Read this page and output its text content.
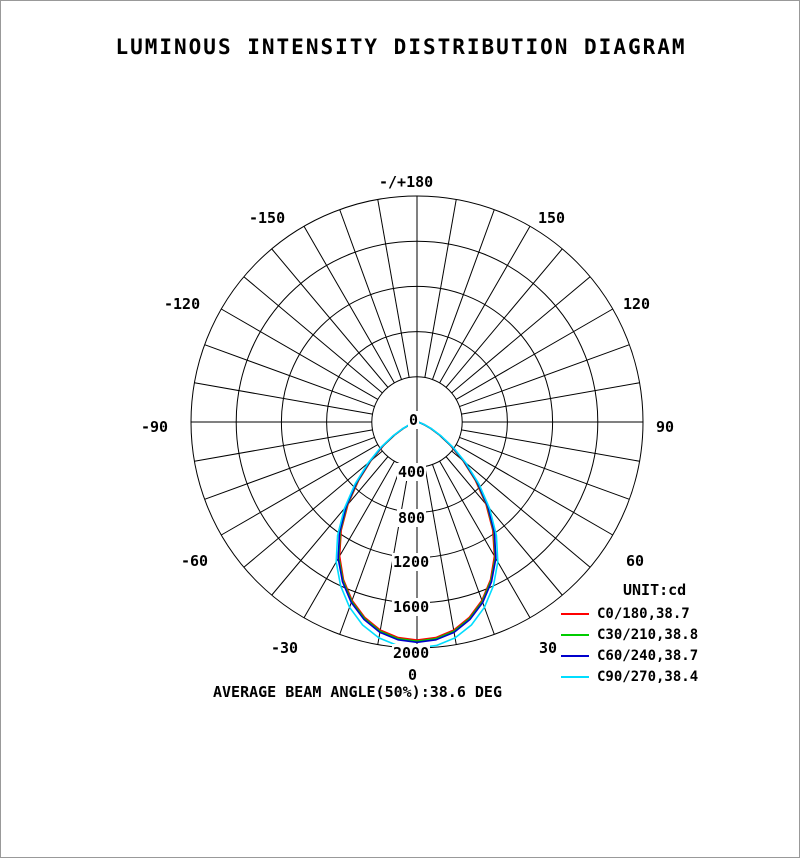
LUMINOUS INTENSITY DISTRIBUTION DIAGRAM
-/+180
-150	150
-120	120
-90	90
-60	60
-30	30
0
0
400
800
1200
1600
2000
AVERAGE BEAM ANGLE(50%):38.6 DEG
UNIT:cd
C0/180,38.7
C30/210,38.8
C60/240,38.7
C90/270,38.4
